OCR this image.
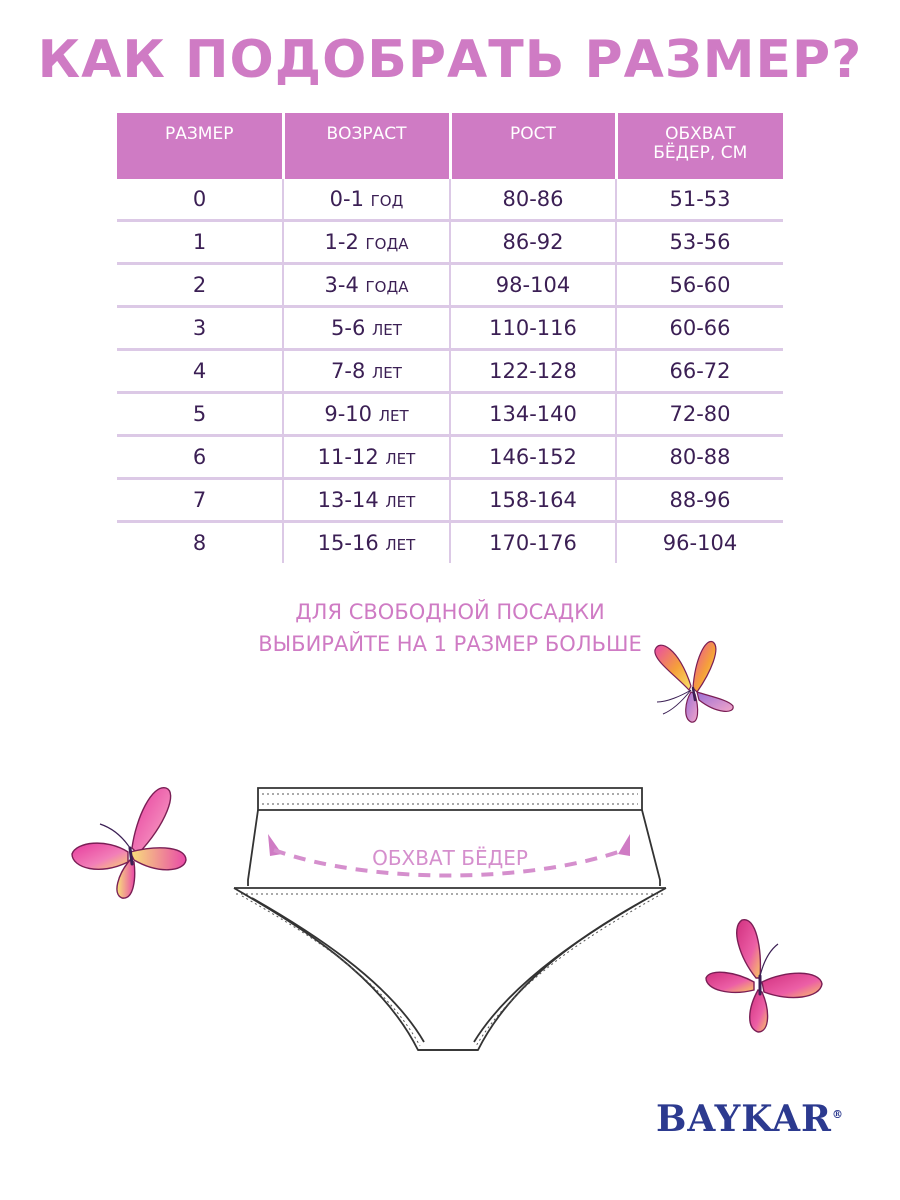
КАК ПОДОБРАТЬ РАЗМЕР?
РАЗМЕР	ВОЗРАСТ	РОСТ	ОБХВАТ
БЁДЕР, СМ
0	0-1 ГОД	80-86	51-53
1	1-2 ГОДА	86-92	53-56
2	3-4 ГОДА	98-104	56-60
3	5-6 ЛЕТ	110-116	60-66
4	7-8 ЛЕТ	122-128	66-72
5	9-10 ЛЕТ	134-140	72-80
6	11-12 ЛЕТ	146-152	80-88
7	13-14 ЛЕТ	158-164	88-96
8	15-16 ЛЕТ	170-176	96-104
ДЛЯ СВОБОДНОЙ ПОСАДКИ
ВЫБИРАЙТЕ НА 1 РАЗМЕР БОЛЬШЕ
ОБХВАТ БЁДЕР
BAYKAR®
